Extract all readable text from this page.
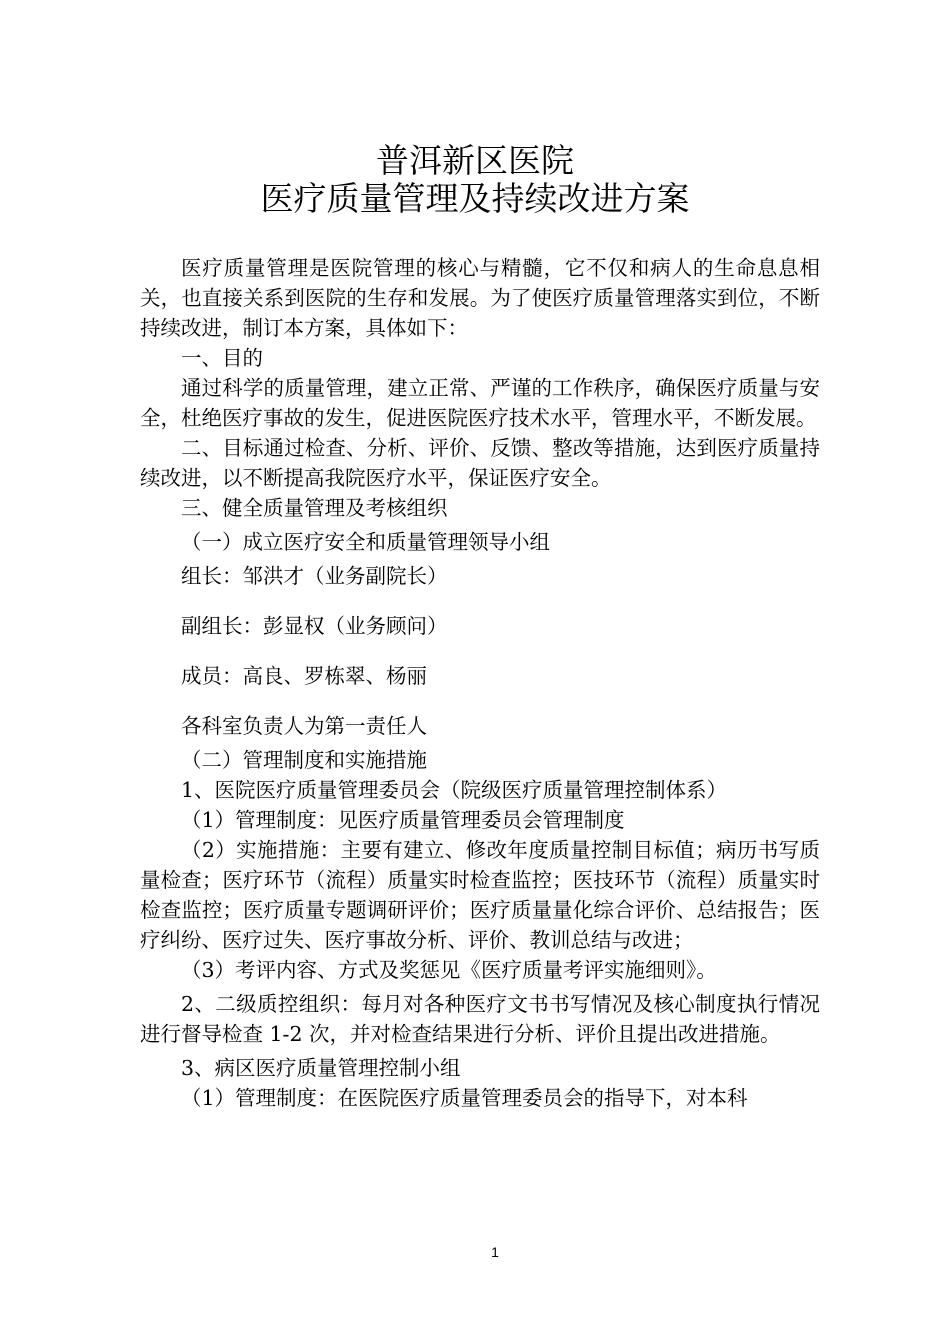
普洱新区医院
医疗质量管理及持续改进方案

医疗质量管理是医院管理的核心与精髓，它不仅和病人的生命息息相关，也直接关系到医院的生存和发展。为了使医疗质量管理落实到位，不断持续改进，制订本方案，具体如下：

一、目的

通过科学的质量管理，建立正常、严谨的工作秩序，确保医疗质量与安全，杜绝医疗事故的发生，促进医院医疗技术水平，管理水平，不断发展。

二、目标通过检查、分析、评价、反馈、整改等措施，达到医疗质量持续改进，以不断提高我院医疗水平，保证医疗安全。

三、健全质量管理及考核组织

（一）成立医疗安全和质量管理领导小组

组长：邹洪才（业务副院长）

副组长：彭显权（业务顾问）

成员：高良、罗栋翠、杨丽

各科室负责人为第一责任人

（二）管理制度和实施措施

1、医院医疗质量管理委员会（院级医疗质量管理控制体系）

（1）管理制度：见医疗质量管理委员会管理制度

（2）实施措施：主要有建立、修改年度质量控制目标值；病历书写质量检查；医疗环节（流程）质量实时检查监控；医技环节（流程）质量实时检查监控；医疗质量专题调研评价；医疗质量量化综合评价、总结报告；医疗纠纷、医疗过失、医疗事故分析、评价、教训总结与改进；

（3）考评内容、方式及奖惩见《医疗质量考评实施细则》。

2、二级质控组织：每月对各种医疗文书书写情况及核心制度执行情况进行督导检查 1-2 次，并对检查结果进行分析、评价且提出改进措施。

3、病区医疗质量管理控制小组

（1）管理制度：在医院医疗质量管理委员会的指导下，对本科

1
